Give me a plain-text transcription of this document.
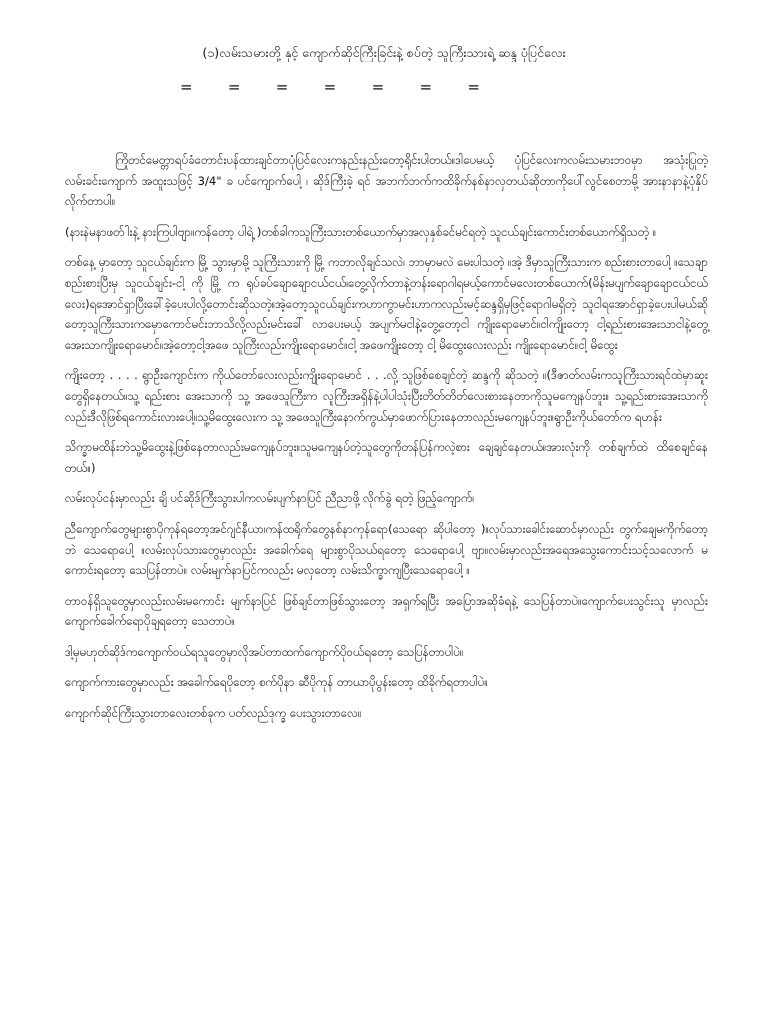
(၁)လမ်းသမားတို့ နှင့် ကျောက်ဆိုင်ကြီးခြင်းနဲ့ စပ်တဲ့ သူကြီးသားရဲ့ ဆန္ဒ ပုံပြင်လေး
= = = = = = =

ကြိုတင်မေတ္တာရပ်ခံတောင်းပန်ထားချင်တာပုံပြင်လေးကနည်းနည်းတော့ရိုင်းပါတယ်။ဒါပေမယ့် ပုံပြင်လေးကလမ်းသမားဘဝမှာ အသုံးပြုတဲ့ လမ်းခင်းကျောက် အထူးသဖြင့် 3/4" ခ ပင်ကျောက်ပေါ့ ၊ ဆိုဒ်ကြီးခဲ့ ရင် အဘက်ဘက်ကထိခိုက်နစ်နာလှတယ်ဆိုတာကိုပေါ်လွင်စေတာမို့ အားနာနာနဲ့ပုံနှိပ်လိုက်တာပါ။

(နားနဲမနာဖတ်ါးနဲ့ နားကြပါဗျာ။ကန်တော့ ပါရဲ့ )တစ်ခါကသူကြီးသားတစ်ယောက်မှာအလှနှစ်ခင်မင်ရတဲ့ သူငယ်ချင်းကောင်းတစ်ယောက်ရှိသတဲ့ ။

တစ်နေ့ မှာတော့ သူငယ်ချင်းက မြို့ သွားမှာမို့ သူကြီးသားကို မြို့ ကဘာလိုချင်သလဲ၊ ဘာမှာမလဲ မေးပါသတဲ့ ။အဲ့ ဒီမှာသူကြီးသားက စည်းစားတာပေါ့ ။သေချာ စည်းစားပြီးမှ သူငယ်ချင်း-ငါ့ ကို မြို့ က ရုပ်ခပ်ချောချောငယ်ငယ်၊တွေ့လိုက်တာနဲ့တန်းရောဂါရမယ့်ကောင်မလေးတစ်ယောက်(မိန်းမပျက်ချောချောငယ်ငယ်လေး)ရအောင်ရှာပြီးခေါ်ခဲ့ပေးပါလို့တောင်းဆိုသတဲ့။အဲ့တော့သူငယ်ချင်းကဟာကွာမင်းဟာကလည်းမင့်ဆန္ဒရှိမှဖြင့်ရောဂါမရှိတဲ့ သူငါရအောင်ရှာခဲ့ပေးပါမယ်ဆိုတော့သူကြီးသားကမှောကောင်မင်းဘာသိလို့လည်းမင်းခေါ် လာပေးမယ့် အပျက်မငါနဲ့တွေ့တော့ငါ ကျိုးရောမောင်။ငါကျိုးတော့ ငါ့ရည်းစားအေးသာငါနဲ့တွေ့အေးသာကျိုးရောမောင်။အဲ့တော့ငါ့အဖေ သူကြီးလည်းကျိုးရောမောင်။ငါ့ အဖေကျိုးတော့ ငါ့ မိထွေးလေးလည်း ကျိုးရောမောင်။ငါ့ မိထွေး

ကျိုးတော့ . . . . ရွာဦးကျောင်းက ကိုယ်တော်လေးလည်းကျိုးရောမောင် . . .လို့ သူဖြစ်စေချင်တဲ့ ဆန္ဒကို ဆိုသတဲ့ ။(ဒီဇာတ်လမ်းကသူကြီးသားရင်ထဲမှာဆူးတွေရှိနေတယ်။သူ့ ရည်းစား အေးသာကို သူ့ အဖေသူကြီးက လူကြီးအရှိန်နဲ့ပါပါသုံးပြီးတိတ်တိတ်လေးစားနေတာကိုသူမကျေနပ်ဘူး။ သူ့ရည်းစားအေးသာကိုလည်းဒီလိုဖြစ်ရကောင်းလားပေါ့။သူ့မိထွေးလေးက သူ့ အဖေသူကြီးနောက်ကွယ်မှာဖောက်ပြားနေတာလည်းမကျေနပ်ဘူး။ရွာဦးကိုယ်တော်က ရဟန်း

သိက္ခာမထိန်းဘဲသူ့မိထွေးနဲ့ဖြစ်နေတာလည်းမကျေနပ်ဘူး။သူမကျေနပ်တဲ့သူတွေကိုတန်ပြန်ကလဲ့စား ချေချင်နေတယ်။အားလုံးကို တစ်ချက်ထဲ ထိစေချင်နေတယ်။)

လမ်းလုပ်ငန်းမှာလည်း ချိ ပင်ဆိုဒ်ကြီးသွားပါကလမ်းပျက်နာပြင် ညီညာဖို့ လိုက်ခွဲ ရတဲ့ ဖြည့်ကျောက်၊

ညီကျောက်တွေများစွာပိုကုန်ရတော့အင်ဂျင်နီယာ၊ကန်ထရိုက်တွေနစ်နာကုန်ရော(သေရော ဆိုပါတော့ )။လုပ်သားခေါင်းဆောင်မှာလည်း တွက်ချေမကိုက်တော့ ဘဲ သေရောပေါ့ ။လမ်းလုပ်သားတွေမှာလည်း အခေါက်ရေ များစွာပိုသယ်ရတော့ သေရောပေါ့ ဗျာ။လမ်းမှာလည်းအရေအသွေးကောင်းသင့်သလောက် မကောင်းရတော့ သေပြန်တာပဲ။ လမ်းမျက်နာပြင်ကလည်း မလှတော့ လမ်းသိက္ခာကျပြီးသေရောပေါ့ ။

တာဝန်ရှိသူတွေမှာလည်းလမ်းမကောင်း မျက်နာပြင် ဖြစ်ချင်တာဖြစ်သွားတော့ အရှက်ရပြီး အပြောအဆိုခံရနဲ့ သေပြန်တာပဲ။ကျောက်ပေးသွင်းသူ မှာလည်းကျောက်ခေါက်ရောပိုချရတော့ သေတာပဲ။

ဒါ့မှမဟုတ်ဆိုဒ်ကကျောက်ဝယ်ရသူတွေမှာလိုအပ်တာထက်ကျောက်ပိုဝယ်ရတော့ သေပြန်တာပါပဲ။

ကျောက်ကားတွေမှာလည်း အခေါက်ရေပိုတော့ စက်ပိုနာ ဆီပိုကုန် တာယာပိုပွန်းတော့ ထိခိုက်ရတာပါပဲ။

ကျောက်ဆိုင်ကြီးသွားတာလေးတစ်ခုက ပတ်လည်ဒုက္ခ ပေးသွားတာလေ။
